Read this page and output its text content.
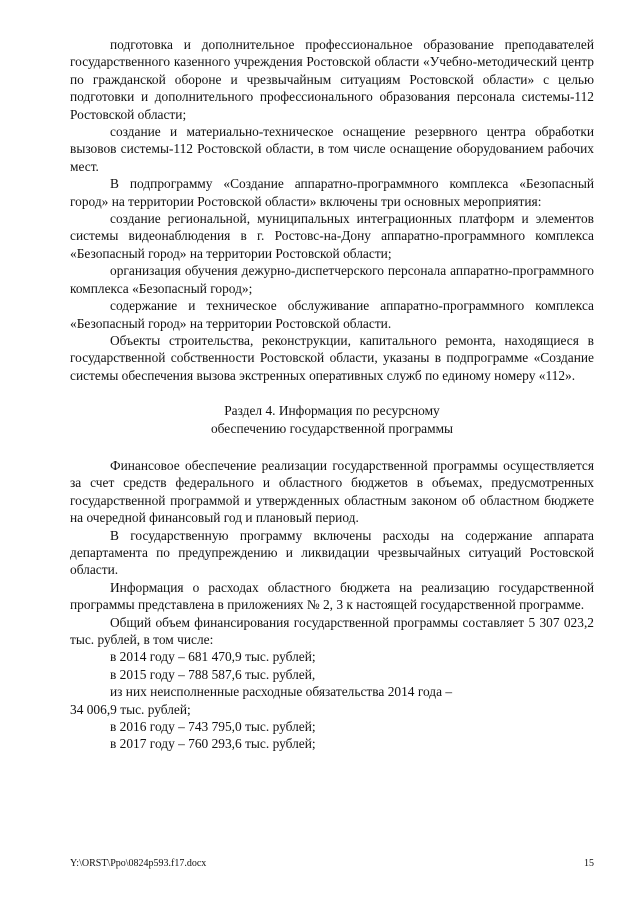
подготовка и дополнительное профессиональное образование преподавателей государственного казенного учреждения Ростовской области «Учебно-методический центр по гражданской обороне и чрезвычайным ситуациям Ростовской области» с целью подготовки и дополнительного профессионального образования персонала системы-112 Ростовской области;

создание и материально-техническое оснащение резервного центра обработки вызовов системы-112 Ростовской области, в том числе оснащение оборудованием рабочих мест.

В подпрограмму «Создание аппаратно-программного комплекса «Безопасный город» на территории Ростовской области» включены три основных мероприятия:

создание региональной, муниципальных интеграционных платформ и элементов системы видеонаблюдения в г. Ростовс-на-Дону аппаратно-программного комплекса «Безопасный город» на территории Ростовской области;

организация обучения дежурно-диспетчерского персонала аппаратно-программного комплекса «Безопасный город»;

содержание и техническое обслуживание аппаратно-программного комплекса «Безопасный город» на территории Ростовской области.

Объекты строительства, реконструкции, капитального ремонта, находящиеся в государственной собственности Ростовской области, указаны в подпрограмме «Создание системы обеспечения вызова экстренных оперативных служб по единому номеру «112».

Раздел 4. Информация по ресурсному
обеспечению государственной программы

Финансовое обеспечение реализации государственной программы осуществляется за счет средств федерального и областного бюджетов в объемах, предусмотренных государственной программой и утвержденных областным законом об областном бюджете на очередной финансовый год и плановый период.

В государственную программу включены расходы на содержание аппарата департамента по предупреждению и ликвидации чрезвычайных ситуаций Ростовской области.

Информация о расходах областного бюджета на реализацию государственной программы представлена в приложениях № 2, 3 к настоящей государственной программе.

Общий объем финансирования государственной программы составляет 5 307 023,2 тыс. рублей, в том числе:

в 2014 году – 681 470,9 тыс. рублей;

в 2015 году – 788 587,6 тыс. рублей,

из них неисполненные расходные обязательства 2014 года –

34 006,9 тыс. рублей;

в 2016 году – 743 795,0 тыс. рублей;

в 2017 году – 760 293,6 тыс. рублей;

Y:\ORST\Ppo\0824p593.f17.docx	15
